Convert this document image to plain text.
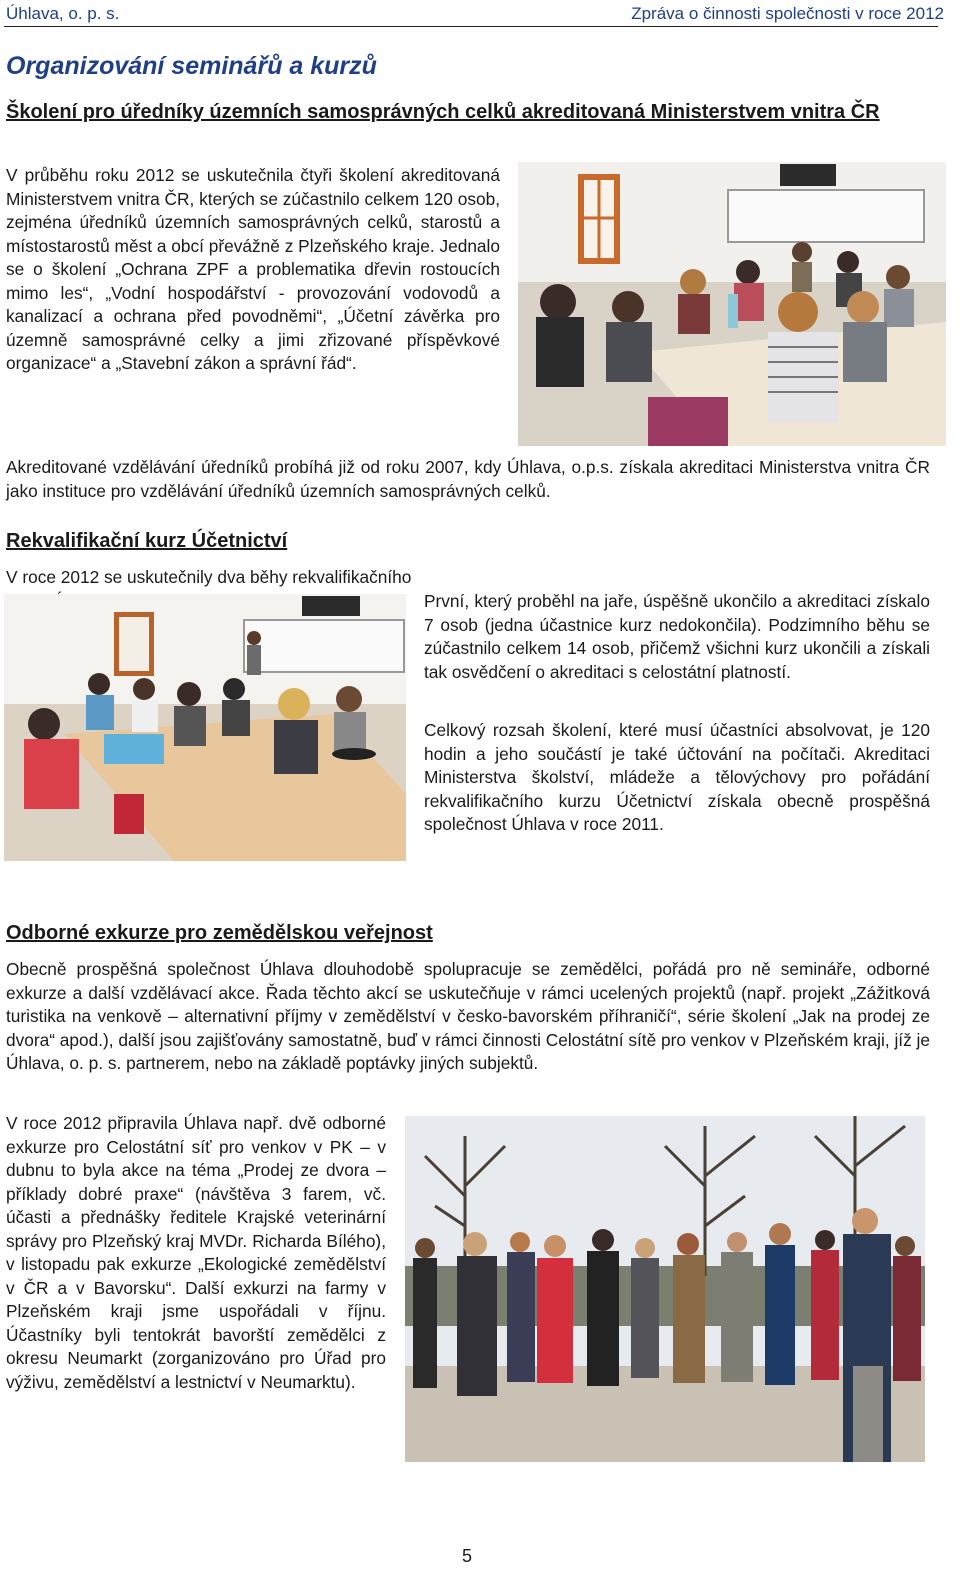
Úhlava, o. p. s.	Zpráva o činnosti společnosti v roce 2012
Organizování seminářů a kurzů
Školení pro úředníky územních samosprávných celků akreditovaná Ministerstvem vnitra ČR

V průběhu roku 2012 se uskutečnila čtyři školení akreditovaná Ministerstvem vnitra ČR, kterých se zúčastnilo celkem 120 osob, zejména úředníků územních samosprávných celků, starostů a místostarostů měst a obcí převážně z Plzeňského kraje. Jednalo se o školení „Ochrana ZPF a problematika dřevin rostoucích mimo les“, „Vodní hospodářství - provozování vodovodů a kanalizací a ochrana před povodněmi“, „Účetní závěrka pro územně samosprávné celky a jimi zřizované příspěvkové organizace“ a „Stavební zákon a správní řád“.

Akreditované vzdělávání úředníků probíhá již od roku 2007, kdy Úhlava, o.p.s. získala akreditaci Ministerstva vnitra ČR jako instituce pro vzdělávání úředníků územních samosprávných celků.

Rekvalifikační kurz Účetnictví

V roce 2012 se uskutečnily dva běhy rekvalifikačního

První, který proběhl na jaře, úspěšně ukončilo a akreditaci získalo 7 osob (jedna účastnice kurz nedokončila). Podzimního běhu se zúčastnilo celkem 14 osob, přičemž všichni kurz ukončili a získali tak osvědčení o akreditaci s celostátní platností.

Celkový rozsah školení, které musí účastníci absolvovat, je 120 hodin a jeho součástí je také účtování na počítači. Akreditaci Ministerstva školství, mládeže a tělovýchovy pro pořádání rekvalifikačního kurzu Účetnictví získala obecně prospěšná společnost Úhlava v roce 2011.

Odborné exkurze pro zemědělskou veřejnost

Obecně prospěšná společnost Úhlava dlouhodobě spolupracuje se zemědělci, pořádá pro ně semináře, odborné exkurze a další vzdělávací akce. Řada těchto akcí se uskutečňuje v rámci ucelených projektů (např. projekt „Zážitková turistika na venkově – alternativní příjmy v zemědělství v česko-bavorském příhraničí“, série školení „Jak na prodej ze dvora“ apod.), další jsou zajišťovány samostatně, buď v rámci činnosti Celostátní sítě pro venkov v Plzeňském kraji, jíž je Úhlava, o. p. s. partnerem, nebo na základě poptávky jiných subjektů.

V roce 2012 připravila Úhlava např. dvě odborné exkurze pro Celostátní síť pro venkov v PK – v dubnu to byla akce na téma „Prodej ze dvora – příklady dobré praxe“ (návštěva 3 farem, vč. účasti a přednášky ředitele Krajské veterinární správy pro Plzeňský kraj MVDr. Richarda Bílého), v listopadu pak exkurze „Ekologické zemědělství v ČR a v Bavorsku“. Další exkurzi na farmy v Plzeňském kraji jsme uspořádali v říjnu. Účastníky byli tentokrát bavorští zemědělci z okresu Neumarkt (zorganizováno pro Úřad pro výživu, zemědělství a lestnictví v Neumarktu).

5
